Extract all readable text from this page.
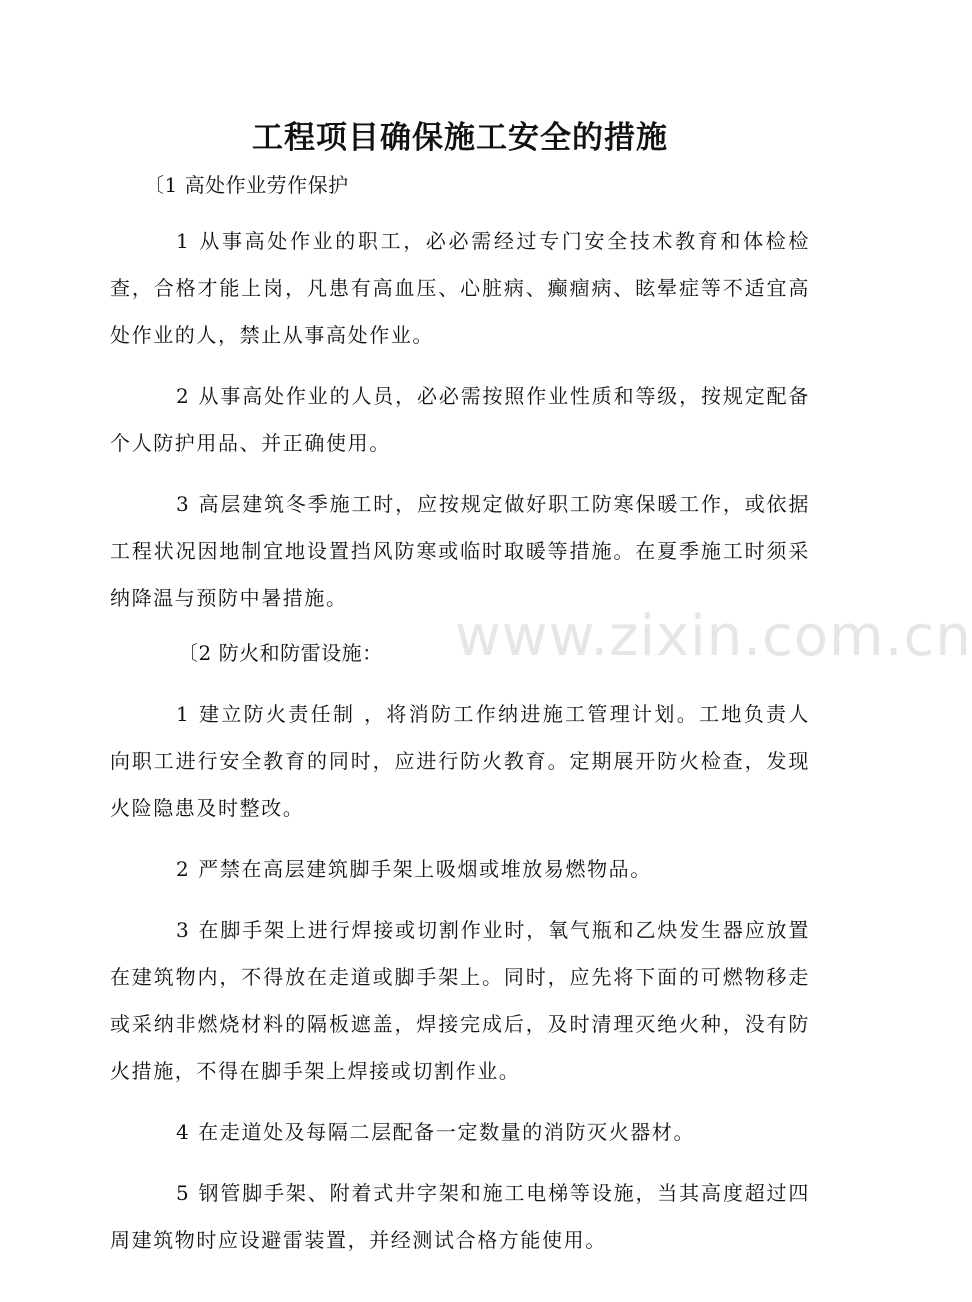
工程项目确保施工安全的措施
〔1 高处作业劳作保护

1 从事高处作业的职工，必必需经过专门安全技术教育和体检检查，合格才能上岗，凡患有高血压、心脏病、癫痼病、眩晕症等不适宜高处作业的人，禁止从事高处作业。

2 从事高处作业的人员，必必需按照作业性质和等级，按规定配备个人防护用品、并正确使用。

3 高层建筑冬季施工时，应按规定做好职工防寒保暖工作，或依据工程状况因地制宜地设置挡风防寒或临时取暖等措施。在夏季施工时须采纳降温与预防中暑措施。

〔2 防火和防雷设施：

1 建立防火责任制 ，将消防工作纳进施工管理计划。工地负责人向职工进行安全教育的同时，应进行防火教育。定期展开防火检查，发现火险隐患及时整改。

2 严禁在高层建筑脚手架上吸烟或堆放易燃物品。

3 在脚手架上进行焊接或切割作业时，氧气瓶和乙炔发生器应放置在建筑物内，不得放在走道或脚手架上。同时，应先将下面的可燃物移走或采纳非燃烧材料的隔板遮盖，焊接完成后，及时清理灭绝火种，没有防火措施，不得在脚手架上焊接或切割作业。

4 在走道处及每隔二层配备一定数量的消防灭火器材。

5 钢管脚手架、附着式井字架和施工电梯等设施，当其高度超过四周建筑物时应设避雷装置，并经测试合格方能使用。

www.zixin.com.cn
